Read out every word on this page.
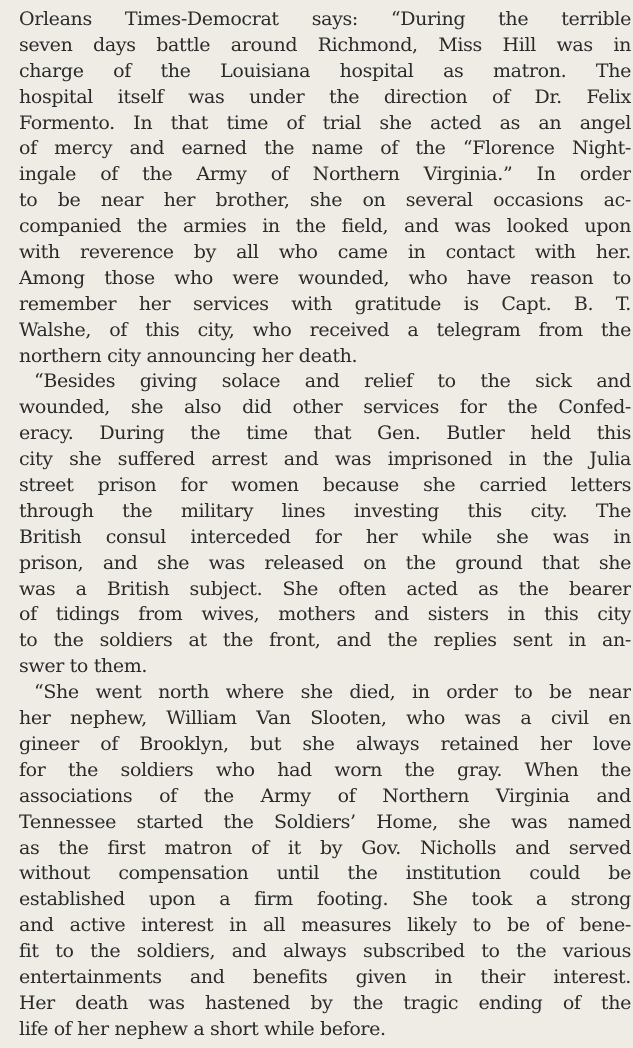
Orleans Times-Democrat says: “During the terrible
seven days battle around Richmond, Miss Hill was in
charge of the Louisiana hospital as matron. The
hospital itself was under the direction of Dr. Felix
Formento. In that time of trial she acted as an angel
of mercy and earned the name of the “Florence Night-
ingale of the Army of Northern Virginia.” In order
to be near her brother, she on several occasions ac-
companied the armies in the field, and was looked upon
with reverence by all who came in contact with her.
Among those who were wounded, who have reason to
remember her services with gratitude is Capt. B. T.
Walshe, of this city, who received a telegram from the
northern city announcing her death.
“Besides giving solace and relief to the sick and
wounded, she also did other services for the Confed-
eracy. During the time that Gen. Butler held this
city she suffered arrest and was imprisoned in the Julia
street prison for women because she carried letters
through the military lines investing this city. The
British consul interceded for her while she was in
prison, and she was released on the ground that she
was a British subject. She often acted as the bearer
of tidings from wives, mothers and sisters in this city
to the soldiers at the front, and the replies sent in an-
swer to them.
“She went north where she died, in order to be near
her nephew, William Van Slooten, who was a civil en
gineer of Brooklyn, but she always retained her love
for the soldiers who had worn the gray. When the
associations of the Army of Northern Virginia and
Tennessee started the Soldiers’ Home, she was named
as the first matron of it by Gov. Nicholls and served
without compensation until the institution could be
established upon a firm footing. She took a strong
and active interest in all measures likely to be of bene-
fit to the soldiers, and always subscribed to the various
entertainments and benefits given in their interest.
Her death was hastened by the tragic ending of the
life of her nephew a short while before.
